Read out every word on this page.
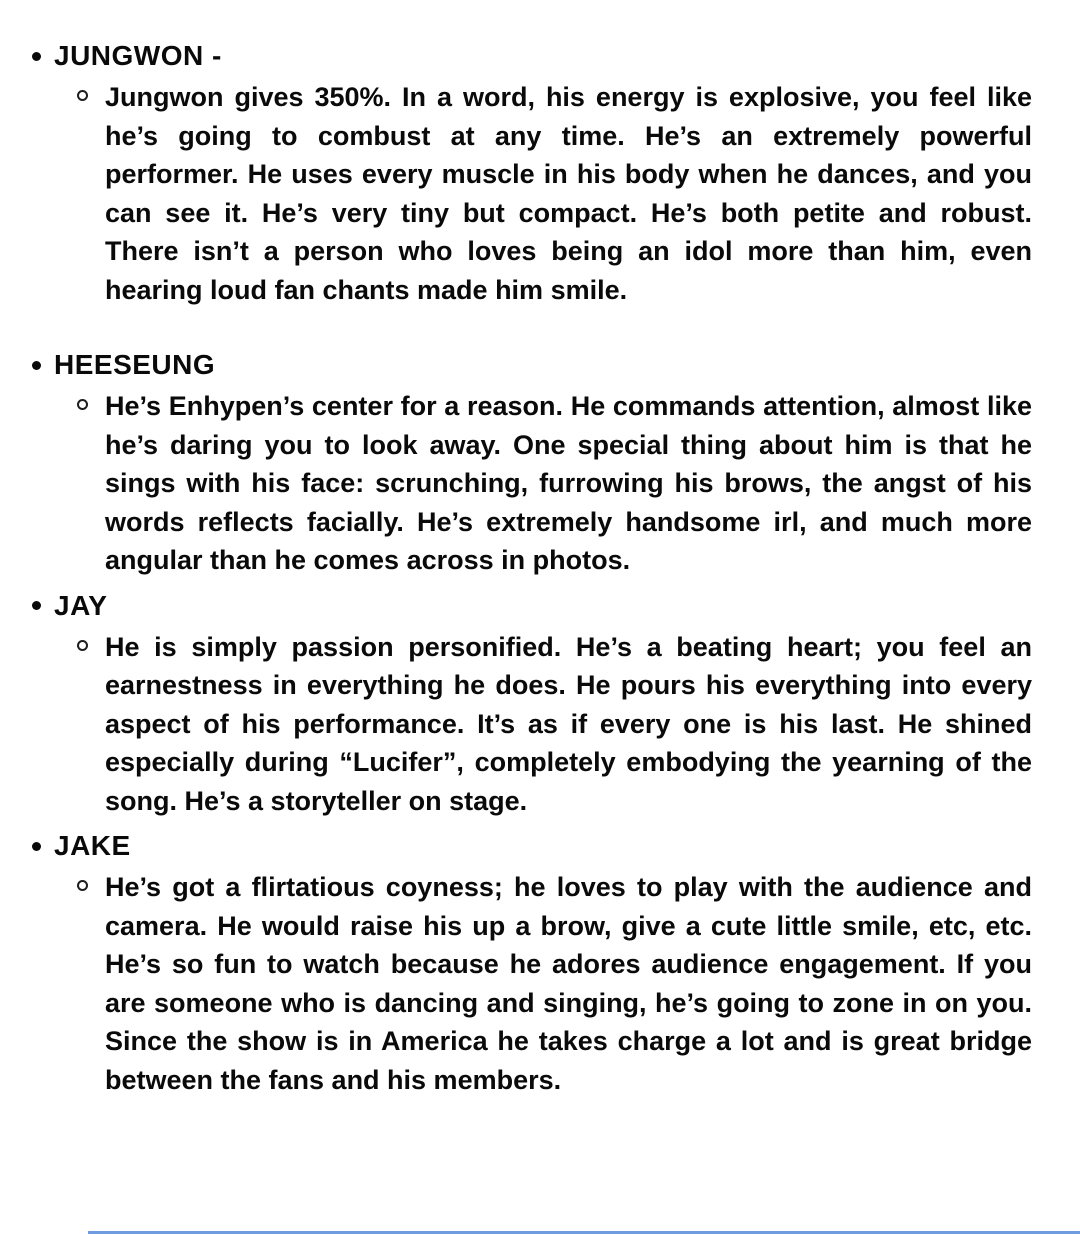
JUNGWON -
Jungwon gives 350%. In a word, his energy is explosive, you feel like he’s going to combust at any time. He’s an extremely powerful performer. He uses every muscle in his body when he dances, and you can see it. He’s very tiny but compact. He’s both petite and robust. There isn’t a person who loves being an idol more than him, even hearing loud fan chants made him smile.
HEESEUNG
He’s Enhypen’s center for a reason. He commands attention, almost like he’s daring you to look away. One special thing about him is that he sings with his face: scrunching, furrowing his brows, the angst of his words reflects facially. He’s extremely handsome irl, and much more angular than he comes across in photos.
JAY
He is simply passion personified. He’s a beating heart; you feel an earnestness in everything he does. He pours his everything into every aspect of his performance. It’s as if every one is his last. He shined especially during “Lucifer”, completely embodying the yearning of the song. He’s a storyteller on stage.
JAKE
He’s got a flirtatious coyness; he loves to play with the audience and camera. He would raise his up a brow, give a cute little smile, etc, etc. He’s so fun to watch because he adores audience engagement. If you are someone who is dancing and singing, he’s going to zone in on you. Since the show is in America he takes charge a lot and is great bridge between the fans and his members.
